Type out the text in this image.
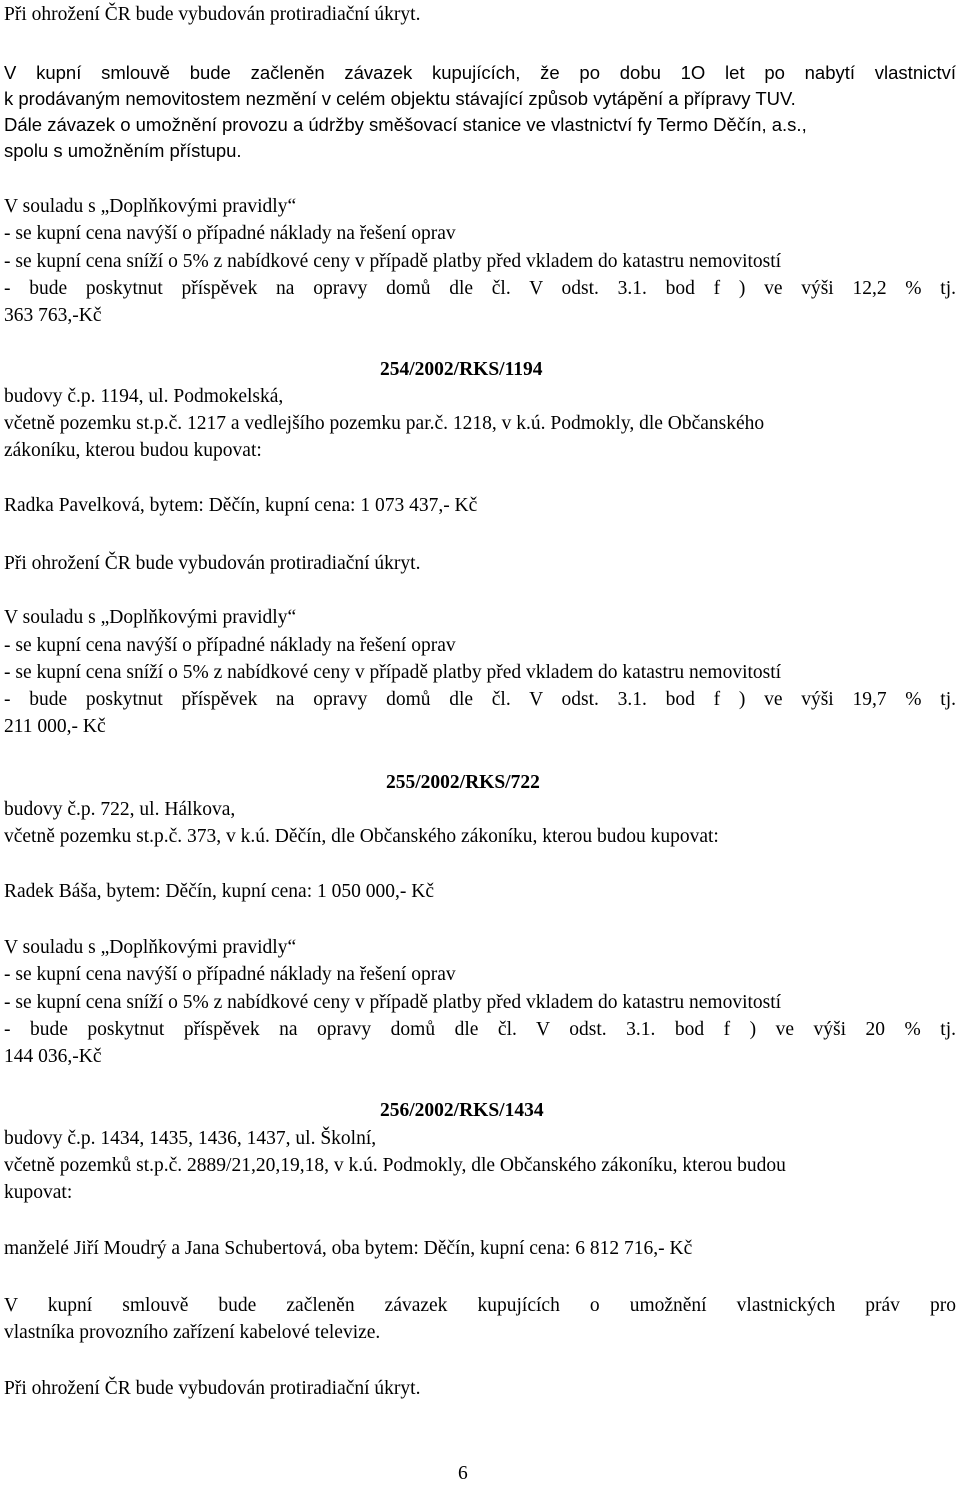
Při ohrožení ČR bude vybudován protiradiační úkryt.
V kupní smlouvě bude začleněn závazek kupujících, že po dobu 1O let po nabytí vlastnictví
k prodávaným nemovitostem nezmění v celém objektu stávající způsob vytápění a přípravy TUV.
Dále závazek o umožnění provozu a údržby směšovací stanice ve vlastnictví fy Termo Děčín, a.s.,
spolu s umožněním přístupu.
V souladu s „Doplňkovými pravidly“
- se kupní cena navýší o případné náklady na řešení oprav
- se kupní cena sníží o 5% z nabídkové ceny v případě platby před vkladem do katastru nemovitostí
- bude poskytnut příspěvek na opravy domů dle čl. V odst. 3.1. bod f ) ve výši 12,2 % tj.
363 763,-Kč
254/2002/RKS/1194
budovy č.p. 1194, ul. Podmokelská,
včetně pozemku st.p.č. 1217 a vedlejšího pozemku par.č. 1218, v k.ú. Podmokly, dle Občanského
zákoníku, kterou budou kupovat:
Radka Pavelková, bytem: Děčín, kupní cena: 1 073 437,- Kč
Při ohrožení ČR bude vybudován protiradiační úkryt.
V souladu s „Doplňkovými pravidly“
- se kupní cena navýší o případné náklady na řešení oprav
- se kupní cena sníží o 5% z nabídkové ceny v případě platby před vkladem do katastru nemovitostí
- bude poskytnut příspěvek na opravy domů dle čl. V odst. 3.1. bod f ) ve výši 19,7 % tj.
211 000,- Kč
255/2002/RKS/722
budovy č.p. 722, ul. Hálkova,
včetně pozemku st.p.č. 373, v k.ú. Děčín, dle Občanského zákoníku, kterou budou kupovat:
Radek Báša, bytem: Děčín, kupní cena: 1 050 000,- Kč
V souladu s „Doplňkovými pravidly“
- se kupní cena navýší o případné náklady na řešení oprav
- se kupní cena sníží o 5% z nabídkové ceny v případě platby před vkladem do katastru nemovitostí
- bude poskytnut příspěvek na opravy domů dle čl. V odst. 3.1. bod f ) ve výši 20 % tj.
144 036,-Kč
256/2002/RKS/1434
budovy č.p. 1434, 1435, 1436, 1437, ul. Školní,
včetně pozemků st.p.č. 2889/21,20,19,18, v k.ú. Podmokly, dle Občanského zákoníku, kterou budou
kupovat:
manželé Jiří Moudrý a Jana Schubertová, oba bytem: Děčín, kupní cena: 6 812 716,- Kč
V kupní smlouvě bude začleněn závazek kupujících o umožnění vlastnických práv pro
vlastníka provozního zařízení kabelové televize.
Při ohrožení ČR bude vybudován protiradiační úkryt.
6
